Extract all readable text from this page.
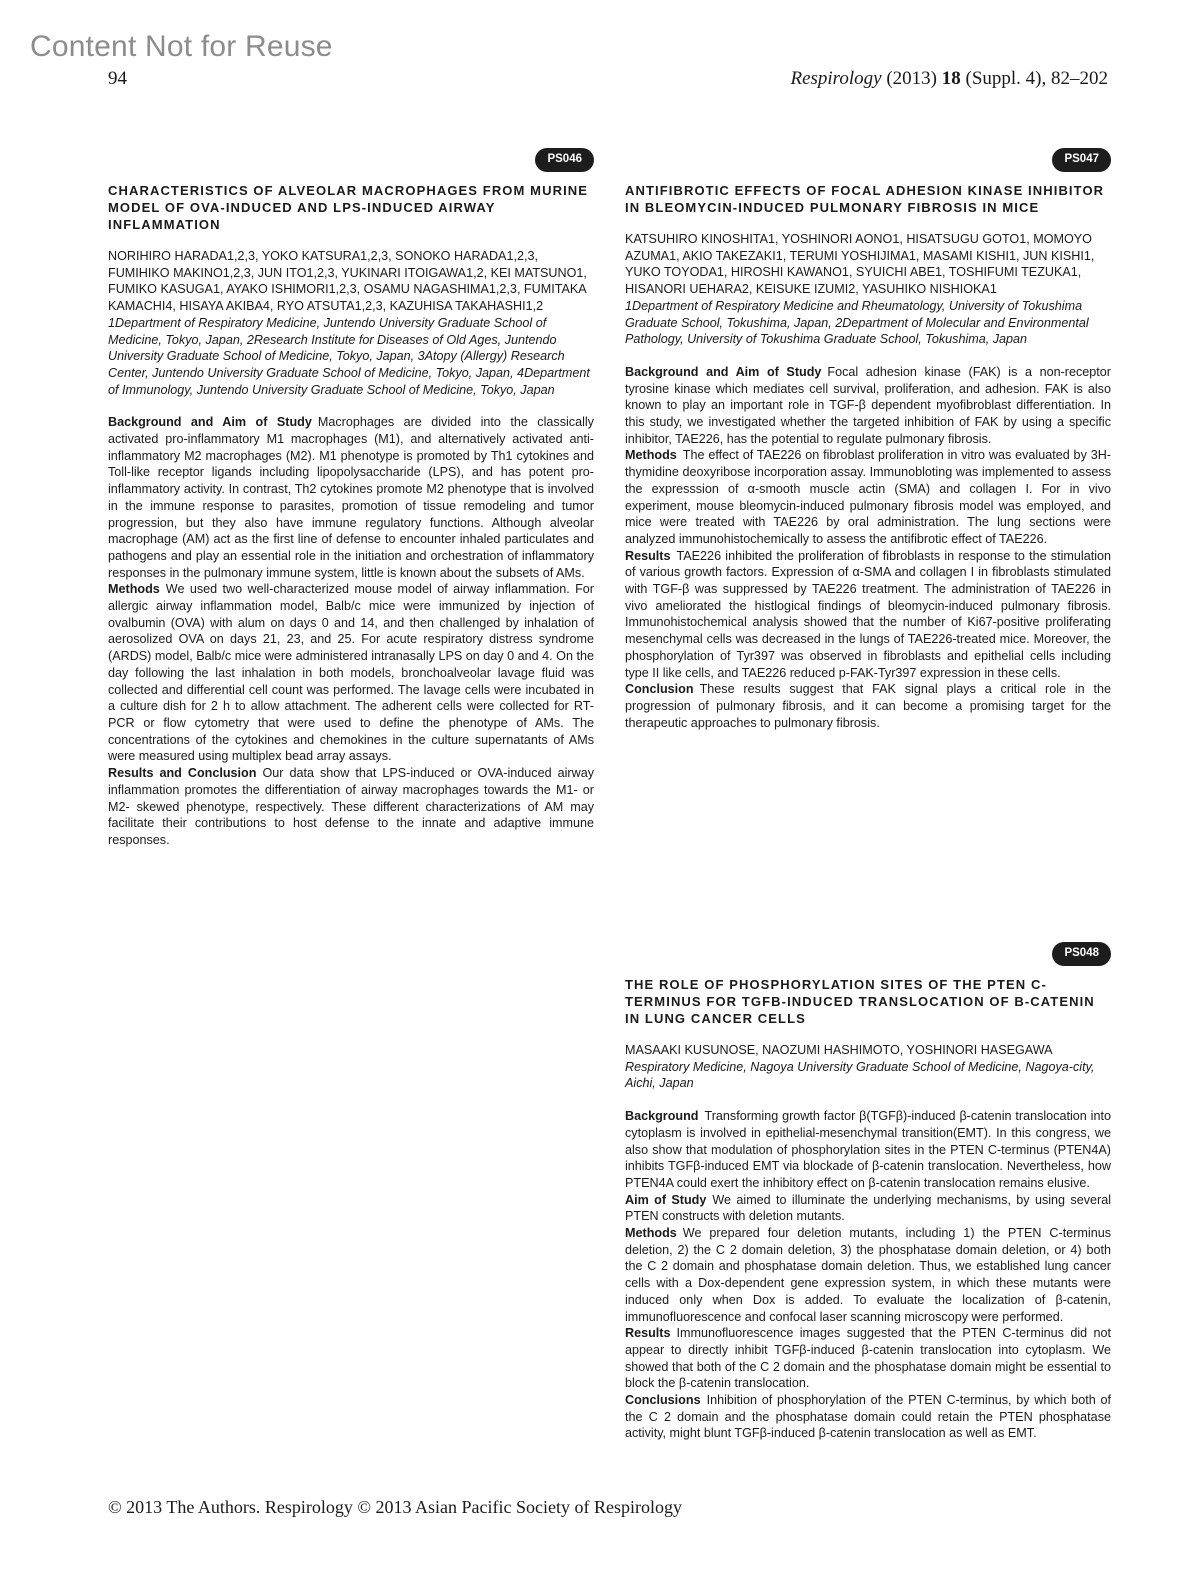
Content Not for Reuse
94	Respirology (2013) 18 (Suppl. 4), 82–202
PS046
CHARACTERISTICS OF ALVEOLAR MACROPHAGES FROM MURINE MODEL OF OVA-INDUCED AND LPS-INDUCED AIRWAY INFLAMMATION

NORIHIRO HARADA1,2,3, YOKO KATSURA1,2,3, SONOKO HARADA1,2,3, FUMIHIKO MAKINO1,2,3, JUN ITO1,2,3, YUKINARI ITOIGAWA1,2, KEI MATSUNO1, FUMIKO KASUGA1, AYAKO ISHIMORI1,2,3, OSAMU NAGASHIMA1,2,3, FUMITAKA KAMACHI4, HISAYA AKIBA4, RYO ATSUTA1,2,3, KAZUHISA TAKAHASHI1,2

1Department of Respiratory Medicine, Juntendo University Graduate School of Medicine, Tokyo, Japan, 2Research Institute for Diseases of Old Ages, Juntendo University Graduate School of Medicine, Tokyo, Japan, 3Atopy (Allergy) Research Center, Juntendo University Graduate School of Medicine, Tokyo, Japan, 4Department of Immunology, Juntendo University Graduate School of Medicine, Tokyo, Japan

Background and Aim of Study Macrophages are divided into the classically activated pro-inflammatory M1 macrophages (M1), and alternatively activated anti-inflammatory M2 macrophages (M2). M1 phenotype is promoted by Th1 cytokines and Toll-like receptor ligands including lipopolysaccharide (LPS), and has potent pro-inflammatory activity. In contrast, Th2 cytokines promote M2 phenotype that is involved in the immune response to parasites, promotion of tissue remodeling and tumor progression, but they also have immune regulatory functions. Although alveolar macrophage (AM) act as the first line of defense to encounter inhaled particulates and pathogens and play an essential role in the initiation and orchestration of inflammatory responses in the pulmonary immune system, little is known about the subsets of AMs.

Methods We used two well-characterized mouse model of airway inflammation. For allergic airway inflammation model, Balb/c mice were immunized by injection of ovalbumin (OVA) with alum on days 0 and 14, and then challenged by inhalation of aerosolized OVA on days 21, 23, and 25. For acute respiratory distress syndrome (ARDS) model, Balb/c mice were administered intranasally LPS on day 0 and 4. On the day following the last inhalation in both models, bronchoalveolar lavage fluid was collected and differential cell count was performed. The lavage cells were incubated in a culture dish for 2 h to allow attachment. The adherent cells were collected for RT-PCR or flow cytometry that were used to define the phenotype of AMs. The concentrations of the cytokines and chemokines in the culture supernatants of AMs were measured using multiplex bead array assays.

Results and Conclusion Our data show that LPS-induced or OVA-induced airway inflammation promotes the differentiation of airway macrophages towards the M1- or M2- skewed phenotype, respectively. These different characterizations of AM may facilitate their contributions to host defense to the innate and adaptive immune responses.

PS047
ANTIFIBROTIC EFFECTS OF FOCAL ADHESION KINASE INHIBITOR IN BLEOMYCIN-INDUCED PULMONARY FIBROSIS IN MICE

KATSUHIRO KINOSHITA1, YOSHINORI AONO1, HISATSUGU GOTO1, MOMOYO AZUMA1, AKIO TAKEZAKI1, TERUMI YOSHIJIMA1, MASAMI KISHI1, JUN KISHI1, YUKO TOYODA1, HIROSHI KAWANO1, SYUICHI ABE1, TOSHIFUMI TEZUKA1, HISANORI UEHARA2, KEISUKE IZUMI2, YASUHIKO NISHIOKA1

1Department of Respiratory Medicine and Rheumatology, University of Tokushima Graduate School, Tokushima, Japan, 2Department of Molecular and Environmental Pathology, University of Tokushima Graduate School, Tokushima, Japan

Background and Aim of Study Focal adhesion kinase (FAK) is a non-receptor tyrosine kinase which mediates cell survival, proliferation, and adhesion. FAK is also known to play an important role in TGF-β dependent myofibroblast differentiation. In this study, we investigated whether the targeted inhibition of FAK by using a specific inhibitor, TAE226, has the potential to regulate pulmonary fibrosis.

Methods The effect of TAE226 on fibroblast proliferation in vitro was evaluated by 3H-thymidine deoxyribose incorporation assay. Immunobloting was implemented to assess the expresssion of α-smooth muscle actin (SMA) and collagen I. For in vivo experiment, mouse bleomycin-induced pulmonary fibrosis model was employed, and mice were treated with TAE226 by oral administration. The lung sections were analyzed immunohistochemically to assess the antifibrotic effect of TAE226.

Results TAE226 inhibited the proliferation of fibroblasts in response to the stimulation of various growth factors. Expression of α-SMA and collagen I in fibroblasts stimulated with TGF-β was suppressed by TAE226 treatment. The administration of TAE226 in vivo ameliorated the histlogical findings of bleomycin-induced pulmonary fibrosis. Immunohistochemical analysis showed that the number of Ki67-positive proliferating mesenchymal cells was decreased in the lungs of TAE226-treated mice. Moreover, the phosphorylation of Tyr397 was observed in fibroblasts and epithelial cells including type II like cells, and TAE226 reduced p-FAK-Tyr397 expression in these cells.

Conclusion These results suggest that FAK signal plays a critical role in the progression of pulmonary fibrosis, and it can become a promising target for the therapeutic approaches to pulmonary fibrosis.

PS048
THE ROLE OF PHOSPHORYLATION SITES OF THE PTEN C-TERMINUS FOR TGFΒ-INDUCED TRANSLOCATION OF Β-CATENIN IN LUNG CANCER CELLS

MASAAKI KUSUNOSE, NAOZUMI HASHIMOTO, YOSHINORI HASEGAWA

Respiratory Medicine, Nagoya University Graduate School of Medicine, Nagoya-city, Aichi, Japan

Background Transforming growth factor β(TGFβ)-induced β-catenin translocation into cytoplasm is involved in epithelial-mesenchymal transition(EMT). In this congress, we also show that modulation of phosphorylation sites in the PTEN C-terminus (PTEN4A) inhibits TGFβ-induced EMT via blockade of β-catenin translocation. Nevertheless, how PTEN4A could exert the inhibitory effect on β-catenin translocation remains elusive.

Aim of Study We aimed to illuminate the underlying mechanisms, by using several PTEN constructs with deletion mutants.

Methods We prepared four deletion mutants, including 1) the PTEN C-terminus deletion, 2) the C 2 domain deletion, 3) the phosphatase domain deletion, or 4) both the C 2 domain and phosphatase domain deletion. Thus, we established lung cancer cells with a Dox-dependent gene expression system, in which these mutants were induced only when Dox is added. To evaluate the localization of β-catenin, immunofluorescence and confocal laser scanning microscopy were performed.

Results Immunofluorescence images suggested that the PTEN C-terminus did not appear to directly inhibit TGFβ-induced β-catenin translocation into cytoplasm. We showed that both of the C 2 domain and the phosphatase domain might be essential to block the β-catenin translocation.

Conclusions Inhibition of phosphorylation of the PTEN C-terminus, by which both of the C 2 domain and the phosphatase domain could retain the PTEN phosphatase activity, might blunt TGFβ-induced β-catenin translocation as well as EMT.

© 2013 The Authors. Respirology © 2013 Asian Pacific Society of Respirology
